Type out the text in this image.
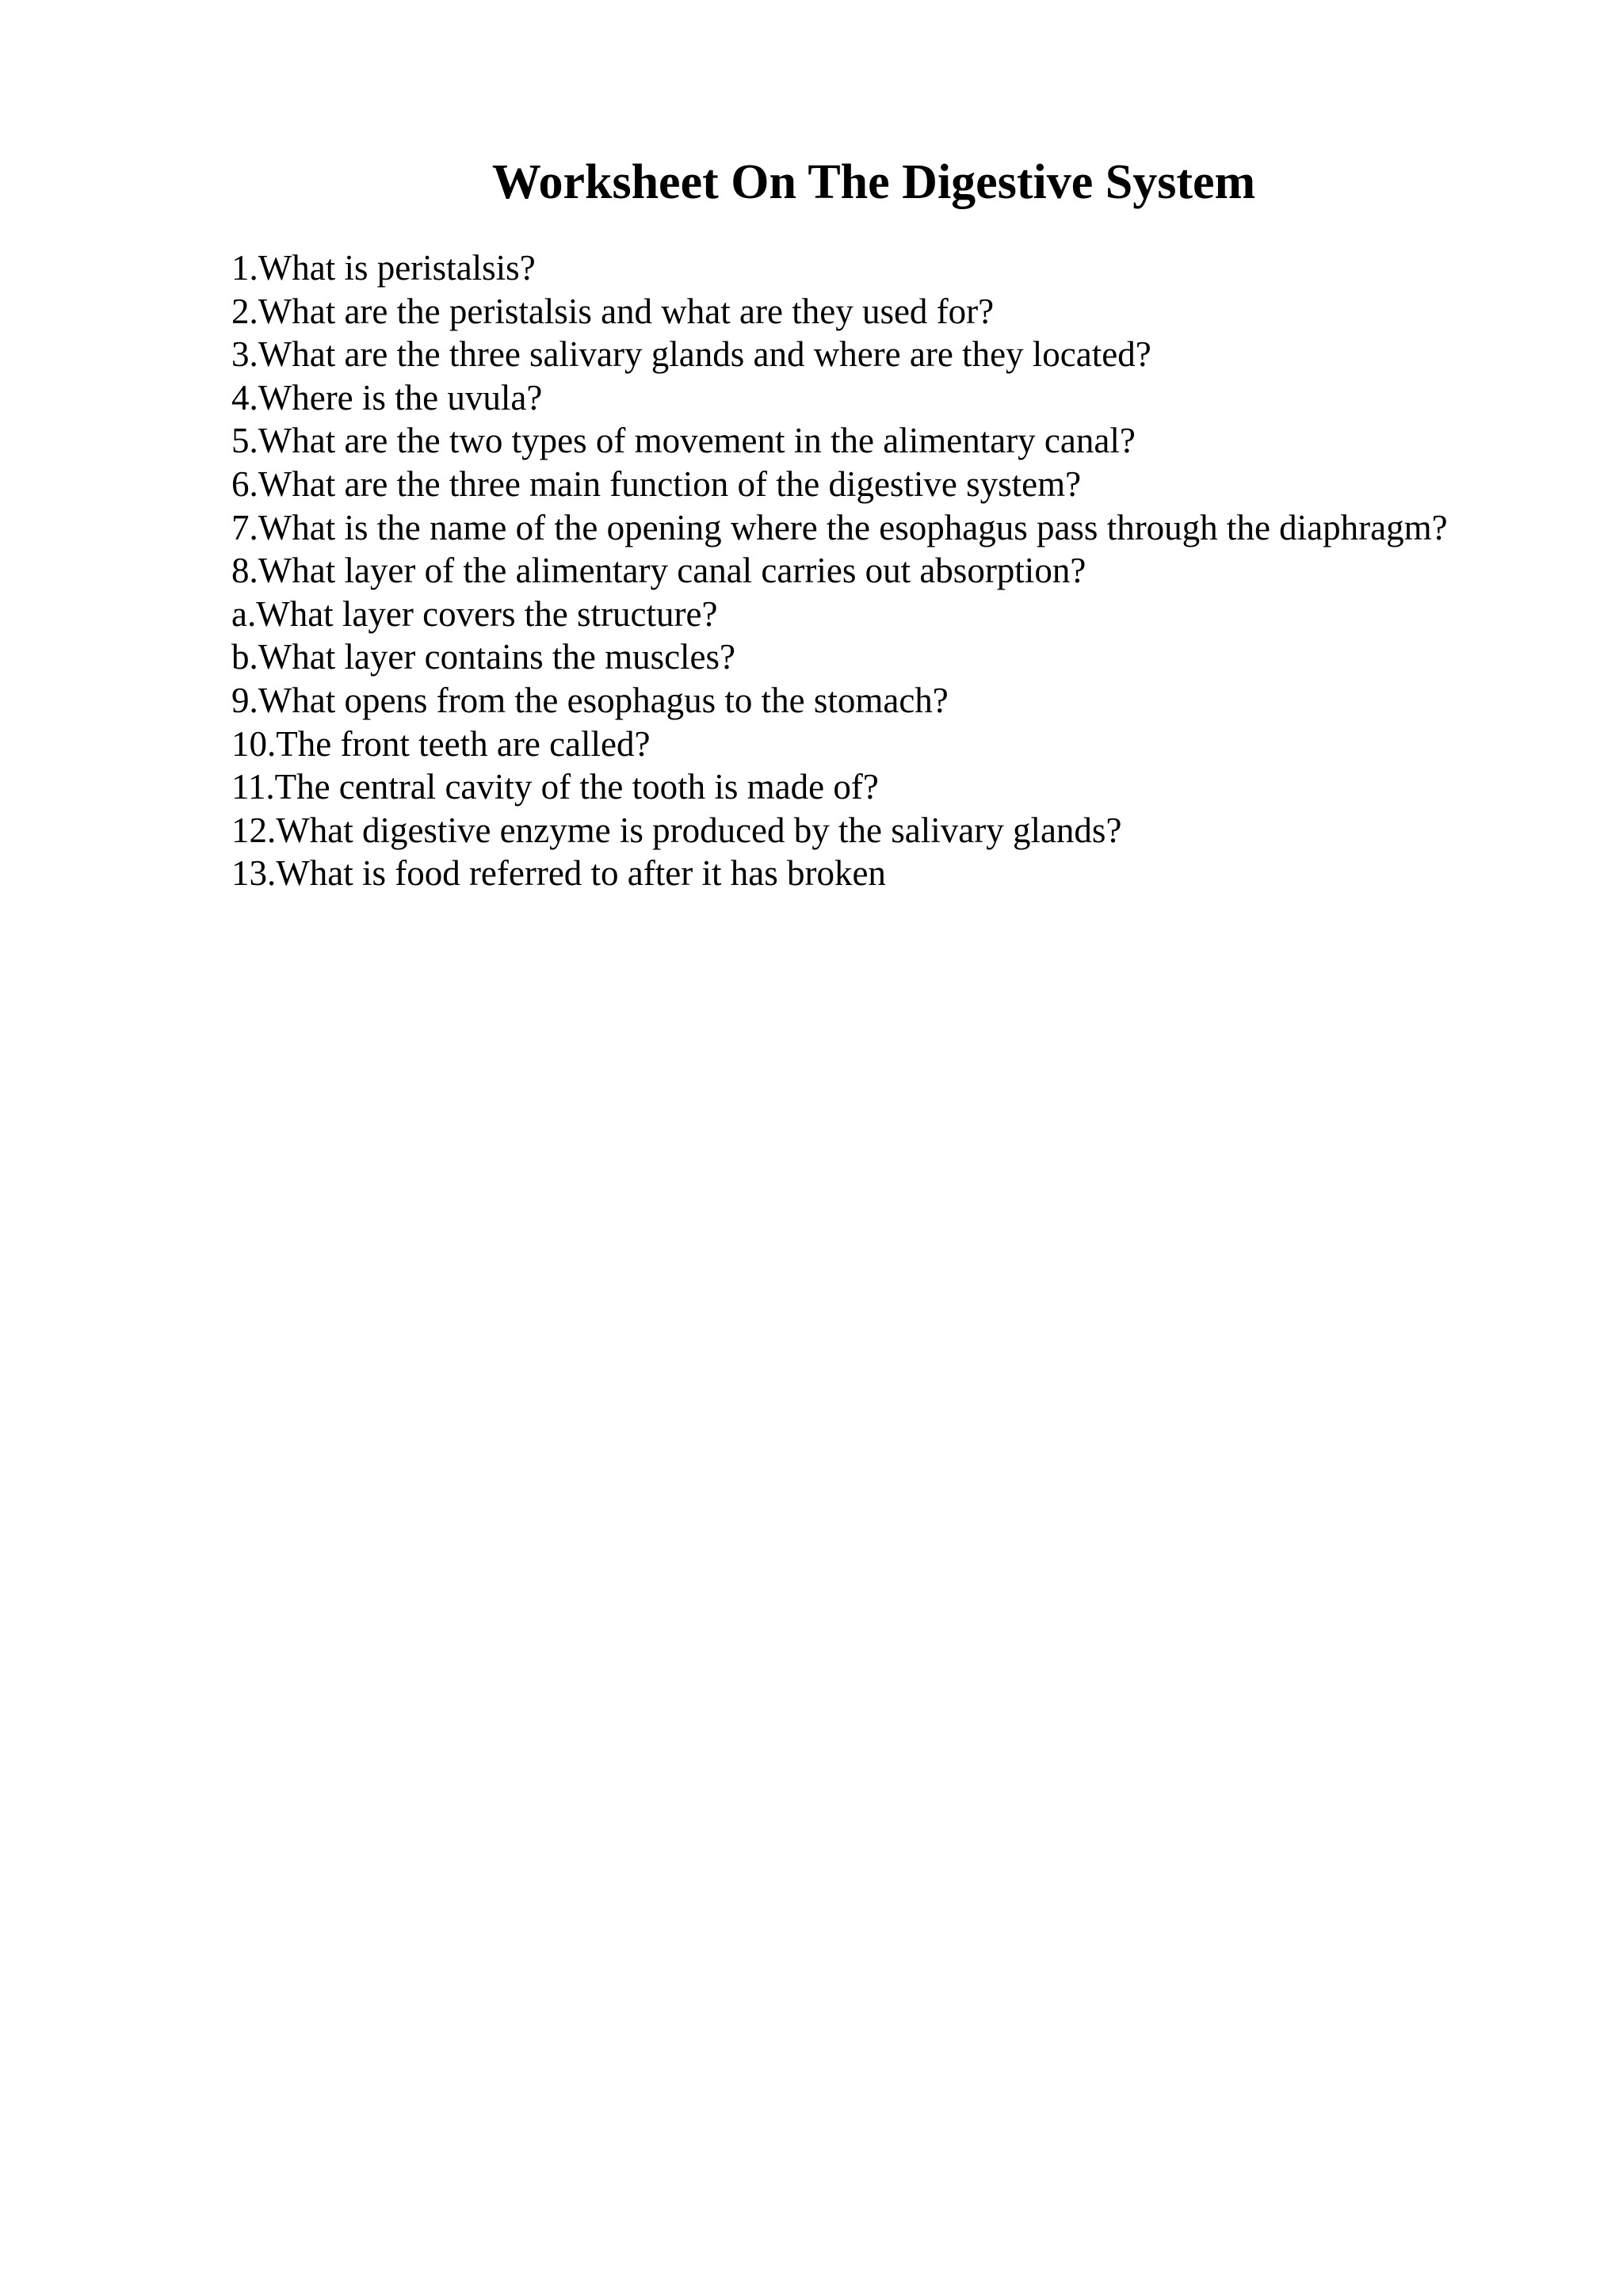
Worksheet On The Digestive System
1.What is peristalsis?
2.What are the peristalsis and what are they used for?
3.What are the three salivary glands and where are they located?
4.Where is the uvula?
5.What are the two types of movement in the alimentary canal?
6.What are the three main function of the digestive system?
7.What is the name of the opening where the esophagus pass through the diaphragm?
8.What layer of the alimentary canal carries out absorption?
a.What layer covers the structure?
b.What layer contains the muscles?
9.What opens from the esophagus to the stomach?
10.The front teeth are called?
11.The central cavity of the tooth is made of?
12.What digestive enzyme is produced by the salivary glands?
13.What is food referred to after it has broken
